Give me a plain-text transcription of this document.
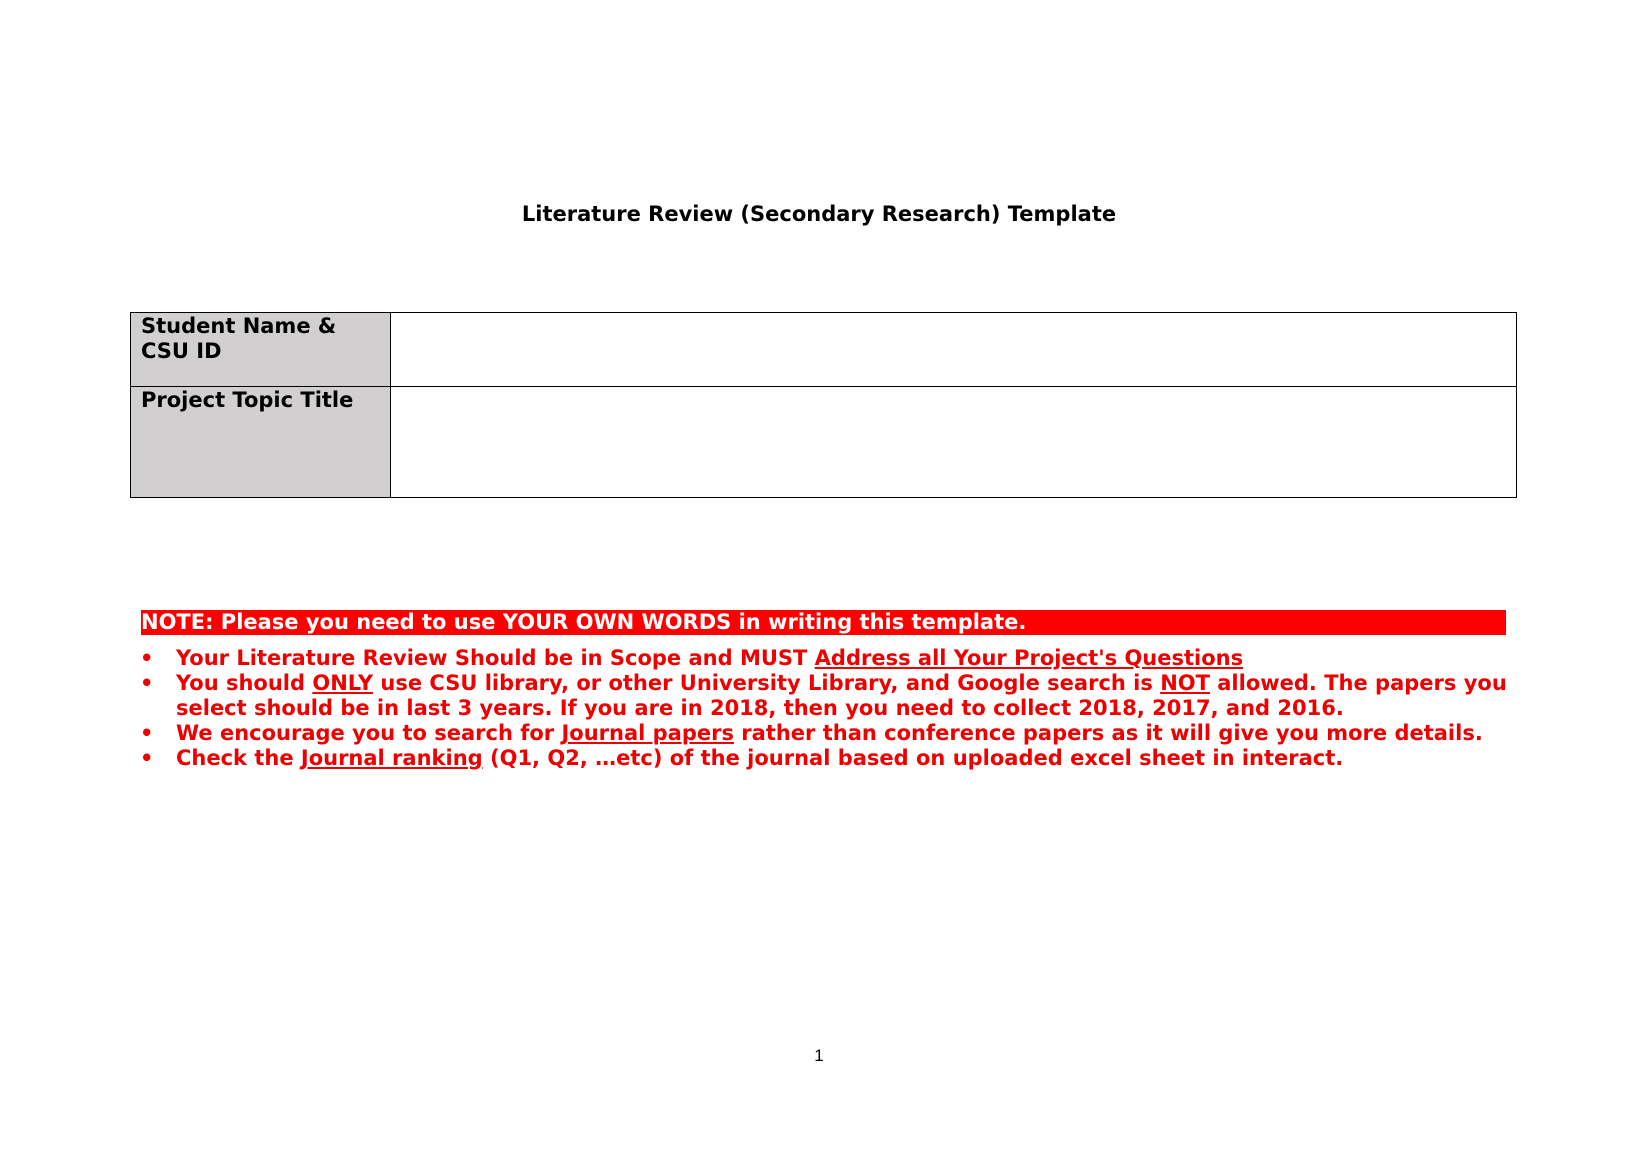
Literature Review (Secondary Research) Template
Student Name &
CSU ID	
Project Topic Title	
NOTE: Please you need to use YOUR OWN WORDS in writing this template.
• Your Literature Review Should be in Scope and MUST Address all Your Project's Questions
• You should ONLY use CSU library, or other University Library, and Google search is NOT allowed. The papers you select should be in last 3 years. If you are in 2018, then you need to collect 2018, 2017, and 2016.
• We encourage you to search for Journal papers rather than conference papers as it will give you more details.
• Check the Journal ranking (Q1, Q2, …etc) of the journal based on uploaded excel sheet in interact.
1
